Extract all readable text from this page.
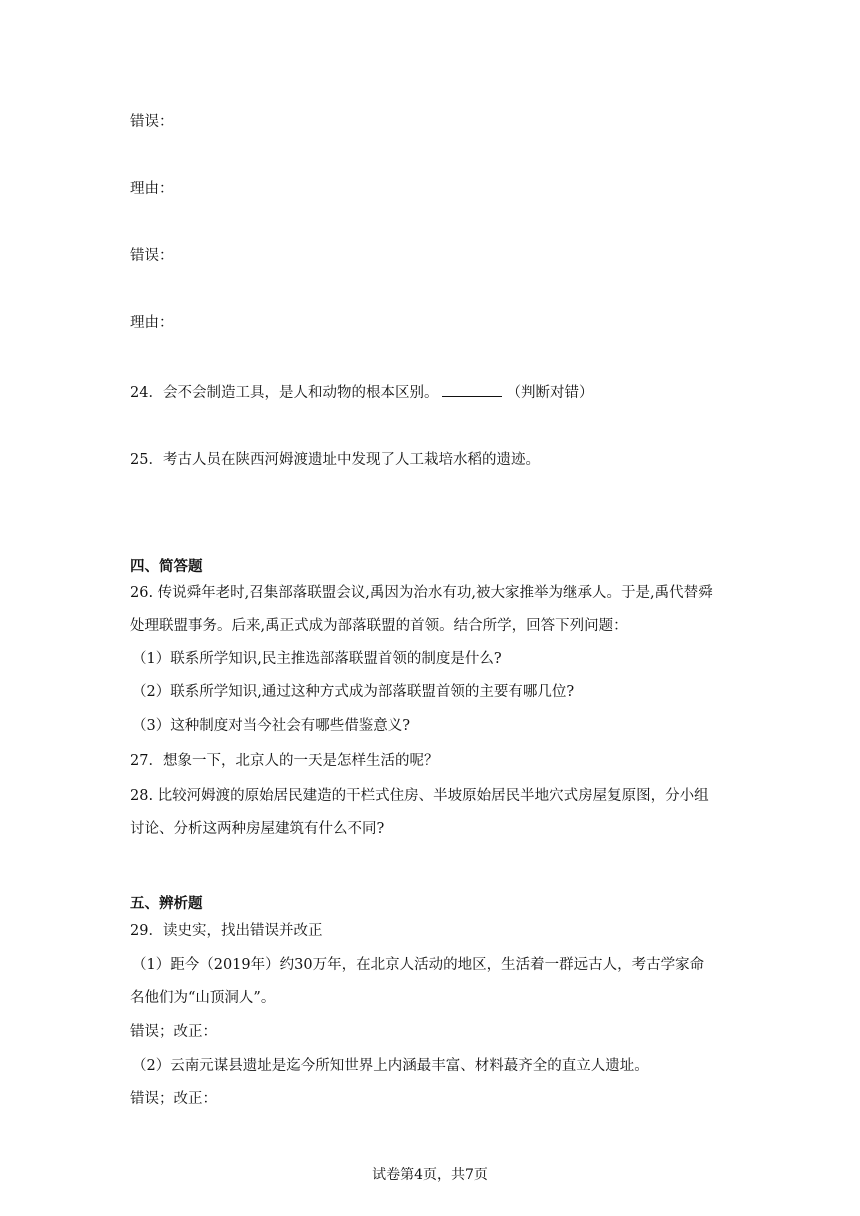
错误：
理由：
错误：
理由：
24．会不会制造工具，是人和动物的根本区别。	（判断对错）
25．考古人员在陕西河姆渡遗址中发现了人工栽培水稻的遗迹。
四、简答题
26. 传说舜年老时,召集部落联盟会议,禹因为治水有功,被大家推举为继承人。于是,禹代替舜
处理联盟事务。后来,禹正式成为部落联盟的首领。结合所学，回答下列问题：
（1）联系所学知识,民主推选部落联盟首领的制度是什么?
（2）联系所学知识,通过这种方式成为部落联盟首领的主要有哪几位?
（3）这种制度对当今社会有哪些借鉴意义?
27．想象一下，北京人的一天是怎样生活的呢？
28. 比较河姆渡的原始居民建造的干栏式住房、半坡原始居民半地穴式房屋复原图，分小组
讨论、分析这两种房屋建筑有什么不同?
五、辨析题
29．读史实，找出错误并改正
（1）距今（2019年）约30万年，在北京人活动的地区，生活着一群远古人，考古学家命
名他们为“山顶洞人”。
错误；改正：
（2）云南元谋县遗址是迄今所知世界上内涵最丰富、材料蕞齐全的直立人遗址。
错误；改正：
试卷第4页，共7页
